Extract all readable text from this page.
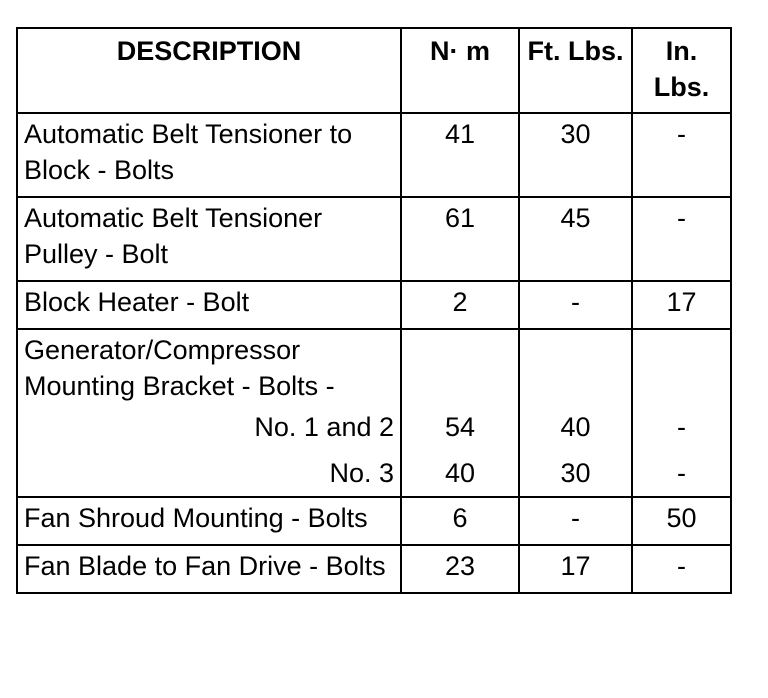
DESCRIPTION	N· m	Ft. Lbs.	In. Lbs.
Automatic Belt Tensioner to Block - Bolts	41	30	-
Automatic Belt Tensioner Pulley - Bolt	61	45	-
Block Heater - Bolt	2	-	17
Generator/Compressor Mounting Bracket - Bolts -			
No. 1 and 2	54	40	-
No. 3	40	30	-
Fan Shroud Mounting - Bolts	6	-	50
Fan Blade to Fan Drive - Bolts	23	17	-
